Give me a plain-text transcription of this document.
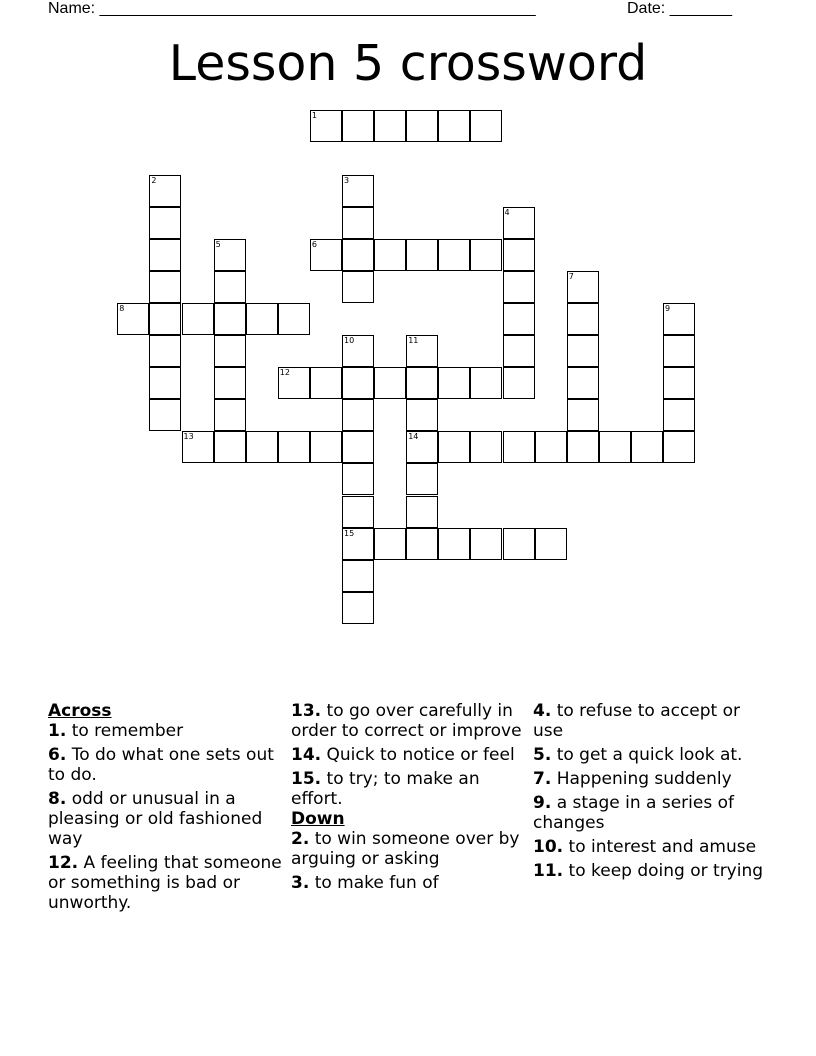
Name: _________________________________________________	Date: _______
Lesson 5 crossword
1
2	3
4
5	6
7
8	9
10	11
12
13	14
15
Across
1. to remember
6. To do what one sets out to do.
8. odd or unusual in a pleasing or old fashioned way
12. A feeling that someone or something is bad or unworthy.
13. to go over carefully in order to correct or improve
14. Quick to notice or feel
15. to try; to make an effort.
Down
2. to win someone over by arguing or asking
3. to make fun of
4. to refuse to accept or use
5. to get a quick look at.
7. Happening suddenly
9. a stage in a series of changes
10. to interest and amuse
11. to keep doing or trying
